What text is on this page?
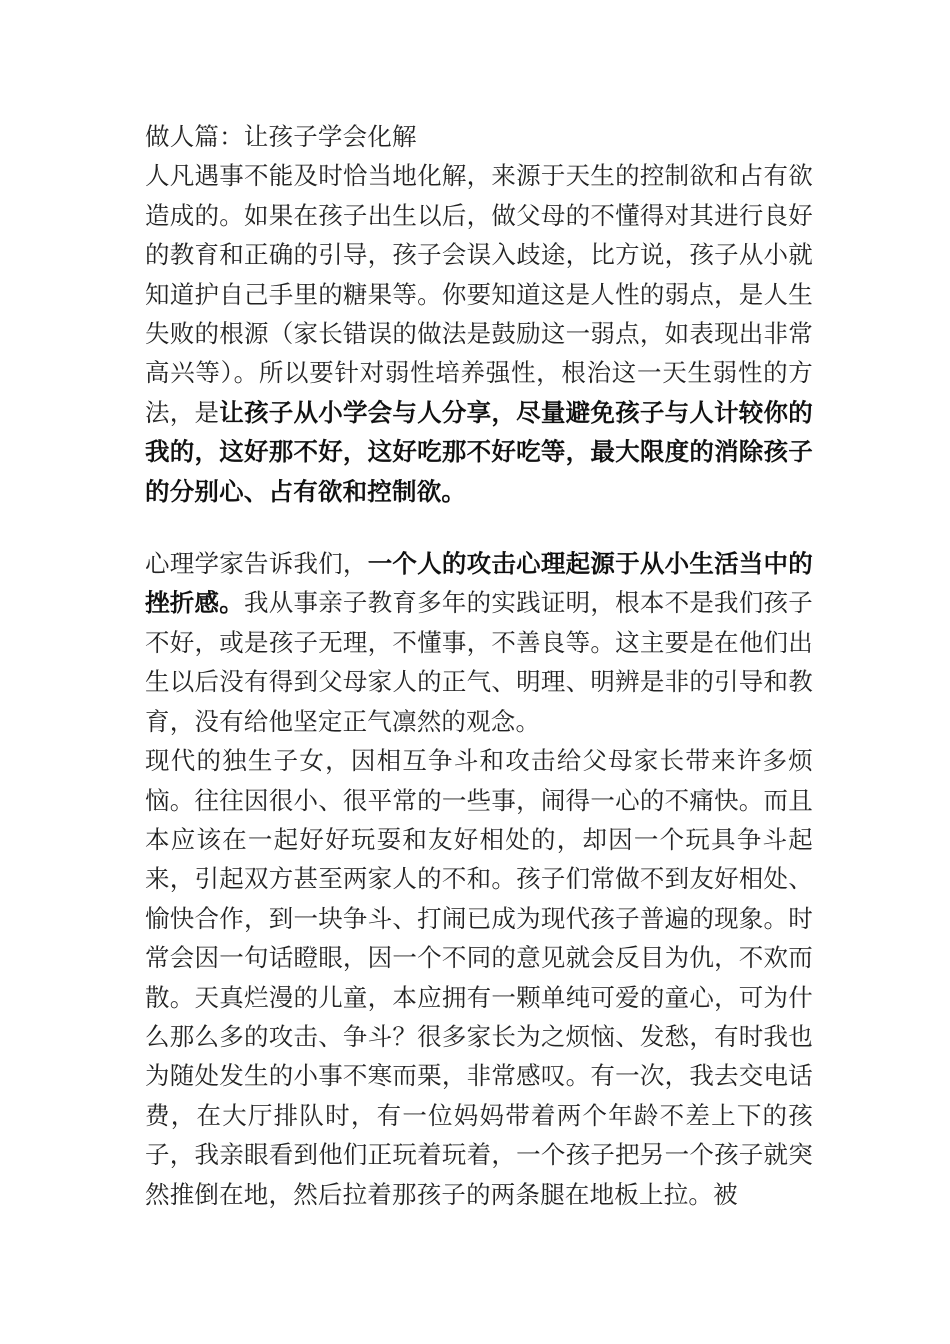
做人篇：让孩子学会化解

人凡遇事不能及时恰当地化解，来源于天生的控制欲和占有欲造成的。如果在孩子出生以后，做父母的不懂得对其进行良好的教育和正确的引导，孩子会误入歧途，比方说，孩子从小就知道护自己手里的糖果等。你要知道这是人性的弱点，是人生失败的根源（家长错误的做法是鼓励这一弱点，如表现出非常高兴等）。所以要针对弱性培养强性，根治这一天生弱性的方法，是让孩子从小学会与人分享，尽量避免孩子与人计较你的我的，这好那不好，这好吃那不好吃等，最大限度的消除孩子的分别心、占有欲和控制欲。

心理学家告诉我们，一个人的攻击心理起源于从小生活当中的挫折感。我从事亲子教育多年的实践证明，根本不是我们孩子不好，或是孩子无理，不懂事，不善良等。这主要是在他们出生以后没有得到父母家人的正气、明理、明辨是非的引导和教育，没有给他坚定正气凛然的观念。

现代的独生子女，因相互争斗和攻击给父母家长带来许多烦恼。往往因很小、很平常的一些事，闹得一心的不痛快。而且本应该在一起好好玩耍和友好相处的，却因一个玩具争斗起来，引起双方甚至两家人的不和。孩子们常做不到友好相处、愉快合作，到一块争斗、打闹已成为现代孩子普遍的现象。时常会因一句话瞪眼，因一个不同的意见就会反目为仇，不欢而散。天真烂漫的儿童，本应拥有一颗单纯可爱的童心，可为什么那么多的攻击、争斗？很多家长为之烦恼、发愁，有时我也为随处发生的小事不寒而栗，非常感叹。有一次，我去交电话费，在大厅排队时，有一位妈妈带着两个年龄不差上下的孩子，我亲眼看到他们正玩着玩着，一个孩子把另一个孩子就突然推倒在地，然后拉着那孩子的两条腿在地板上拉。被
